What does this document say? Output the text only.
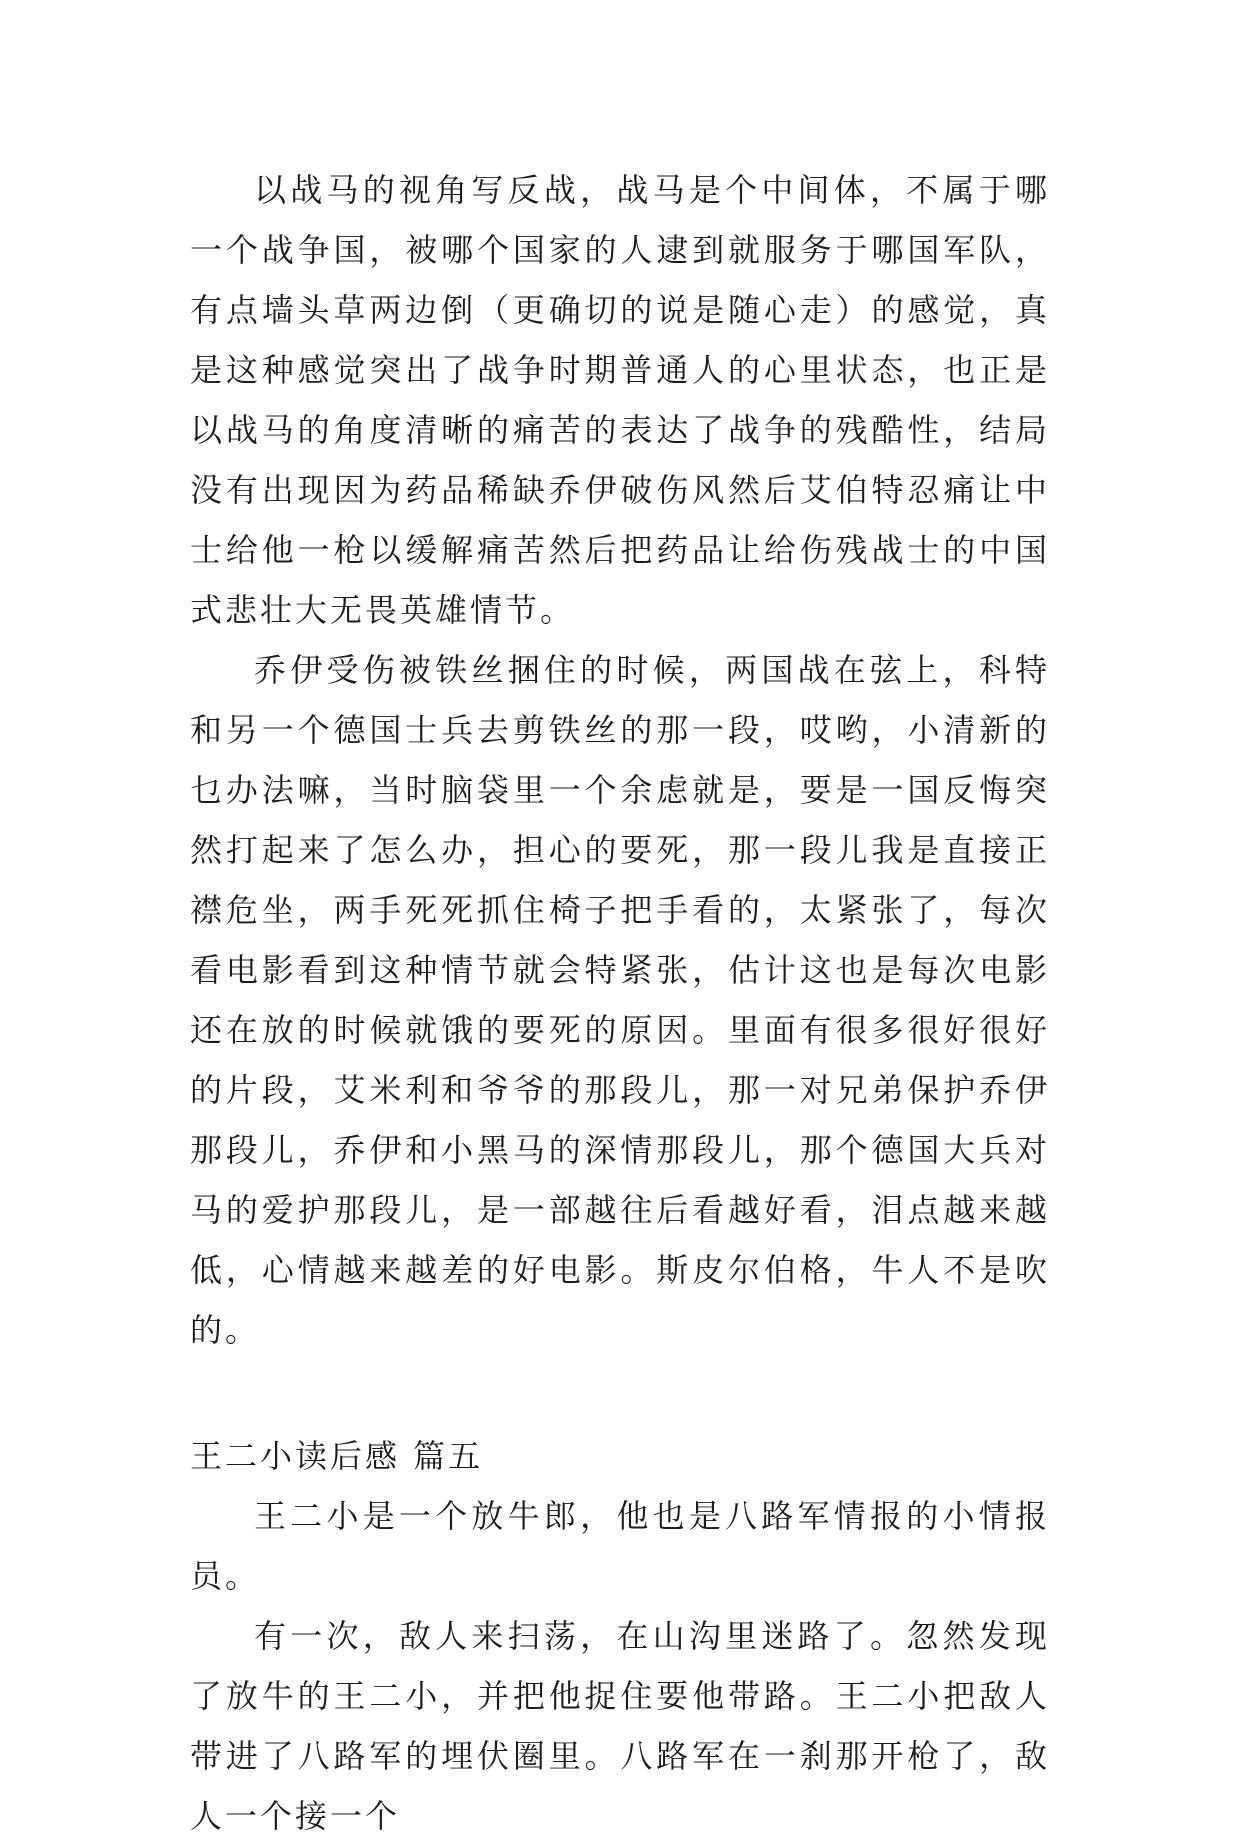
以战马的视角写反战，战马是个中间体，不属于哪一个战争国，被哪个国家的人逮到就服务于哪国军队，有点墙头草两边倒（更确切的说是随心走）的感觉，真是这种感觉突出了战争时期普通人的心里状态，也正是以战马的角度清晰的痛苦的表达了战争的残酷性，结局没有出现因为药品稀缺乔伊破伤风然后艾伯特忍痛让中士给他一枪以缓解痛苦然后把药品让给伤残战士的中国式悲壮大无畏英雄情节。

乔伊受伤被铁丝捆住的时候，两国战在弦上，科特和另一个德国士兵去剪铁丝的那一段，哎哟，小清新的乜办法嘛，当时脑袋里一个余虑就是，要是一国反悔突然打起来了怎么办，担心的要死，那一段儿我是直接正襟危坐，两手死死抓住椅子把手看的，太紧张了，每次看电影看到这种情节就会特紧张，估计这也是每次电影还在放的时候就饿的要死的原因。里面有很多很好很好的片段，艾米利和爷爷的那段儿，那一对兄弟保护乔伊那段儿，乔伊和小黑马的深情那段儿，那个德国大兵对马的爱护那段儿，是一部越往后看越好看，泪点越来越低，心情越来越差的好电影。斯皮尔伯格，牛人不是吹的。

王二小读后感 篇五

王二小是一个放牛郎，他也是八路军情报的小情报员。

有一次，敌人来扫荡，在山沟里迷路了。忽然发现了放牛的王二小，并把他捉住要他带路。王二小把敌人带进了八路军的埋伏圈里。八路军在一刹那开枪了，敌人一个接一个
